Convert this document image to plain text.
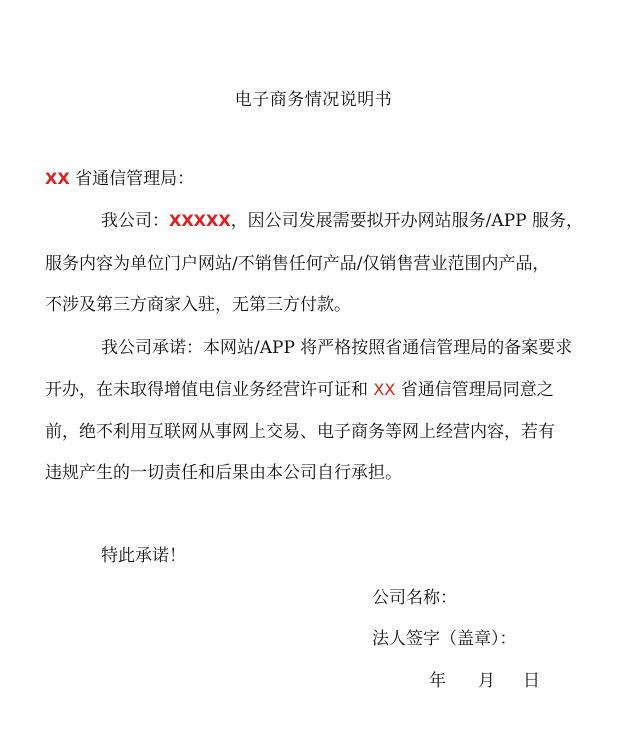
电子商务情况说明书
XX 省通信管理局：
我公司：XXXXX，因公司发展需要拟开办网站服务/APP 服务，
服务内容为单位门户网站/不销售任何产品/仅销售营业范围内产品，
不涉及第三方商家入驻，无第三方付款。
我公司承诺：本网站/APP 将严格按照省通信管理局的备案要求
开办，在未取得增值电信业务经营许可证和 XX 省通信管理局同意之
前，绝不利用互联网从事网上交易、电子商务等网上经营内容，若有
违规产生的一切责任和后果由本公司自行承担。
特此承诺！
公司名称：
法人签字（盖章）：
年 月 日
